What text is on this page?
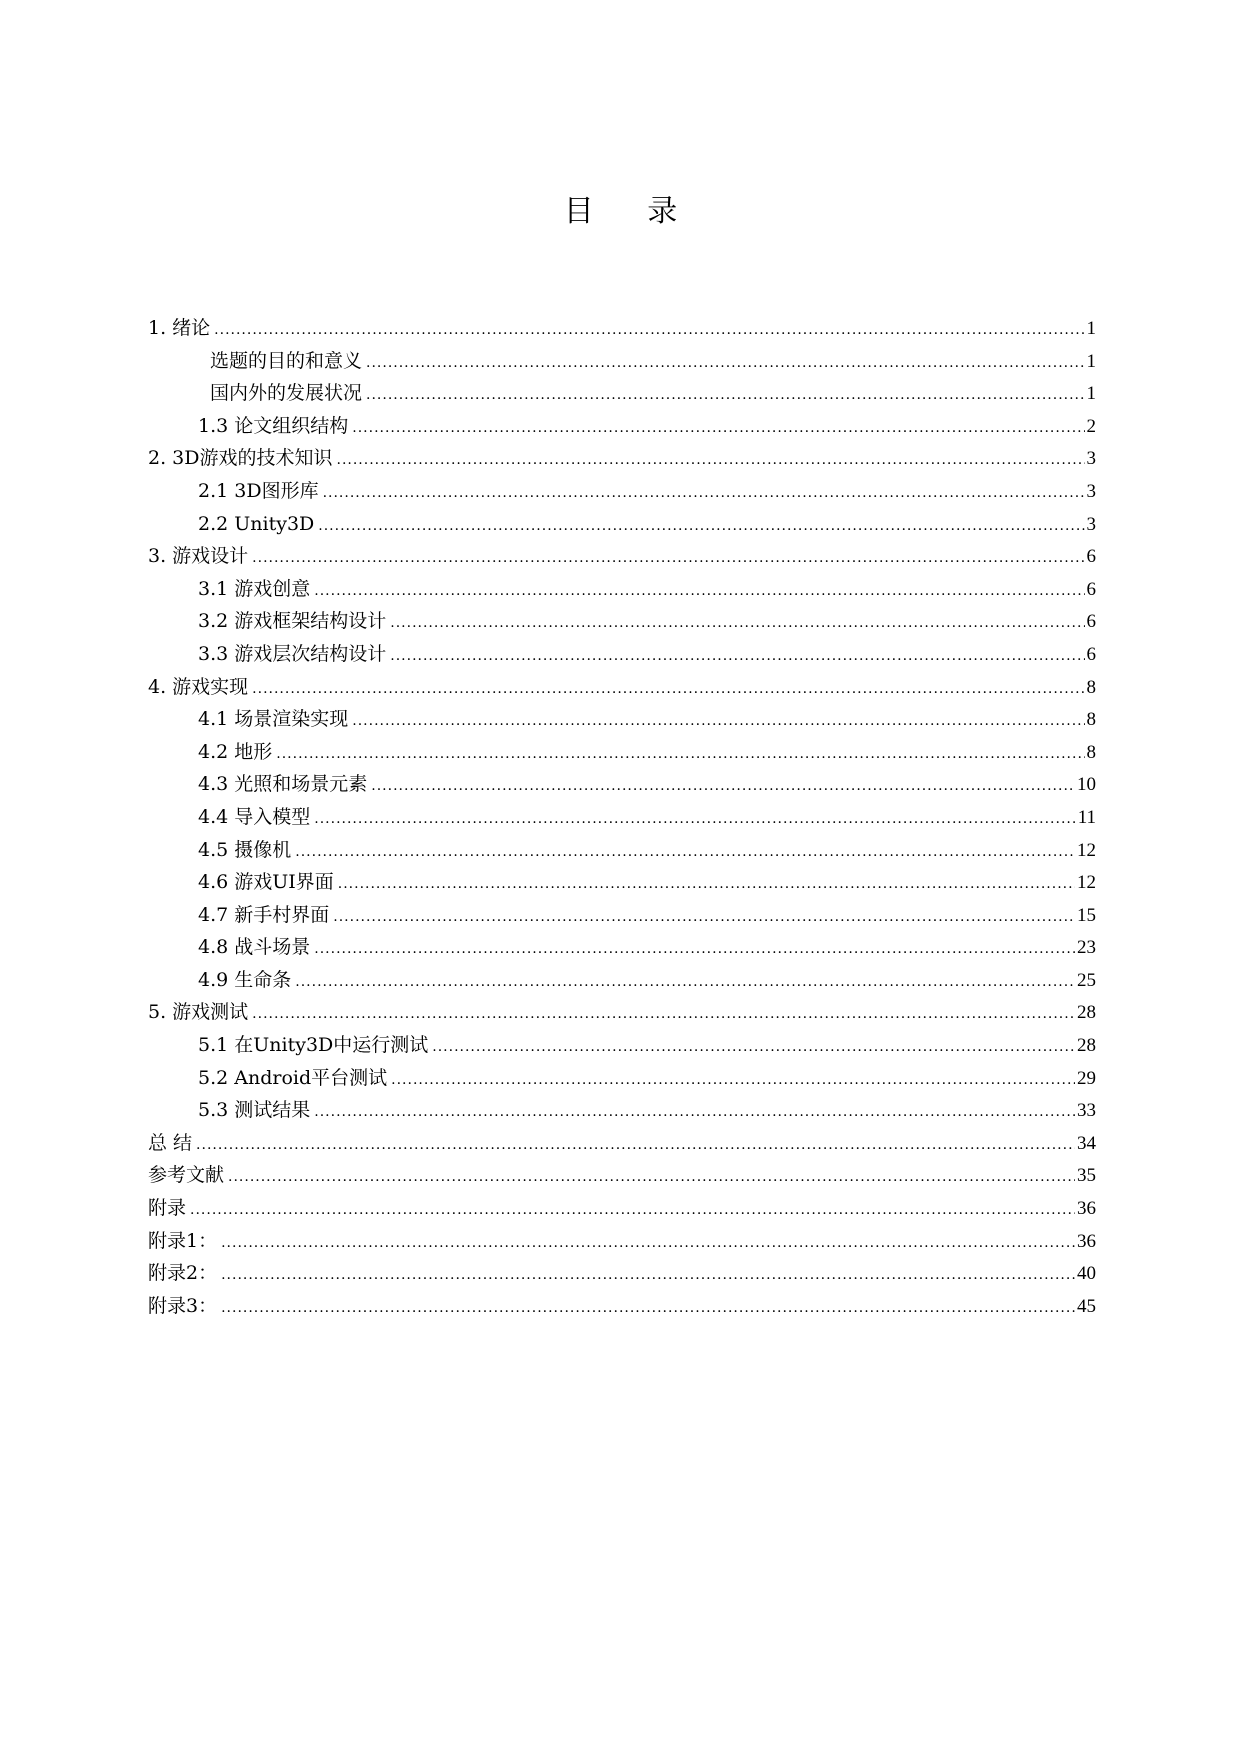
目 录
1. 绪论 .....	1
选题的目的和意义 .....	1
国内外的发展状况 .....	1
1.3 论文组织结构 .....	2
2. 3D游戏的技术知识 .....	3
2.1 3D图形库 .....	3
2.2 Unity3D .....	3
3. 游戏设计 .....	6
3.1 游戏创意 .....	6
3.2 游戏框架结构设计 .....	6
3.3 游戏层次结构设计 .....	6
4. 游戏实现 .....	8
4.1 场景渲染实现 .....	8
4.2 地形 .....	8
4.3 光照和场景元素 .....	10
4.4 导入模型 .....	11
4.5 摄像机 .....	12
4.6 游戏UI界面 .....	12
4.7 新手村界面 .....	15
4.8 战斗场景 .....	23
4.9 生命条 .....	25
5. 游戏测试 .....	28
5.1 在Unity3D中运行测试 .....	28
5.2 Android平台测试 .....	29
5.3 测试结果 .....	33
总 结 .....	34
参考文献 .....	35
附录 .....	36
附录1： .....	36
附录2： .....	40
附录3： .....	45
